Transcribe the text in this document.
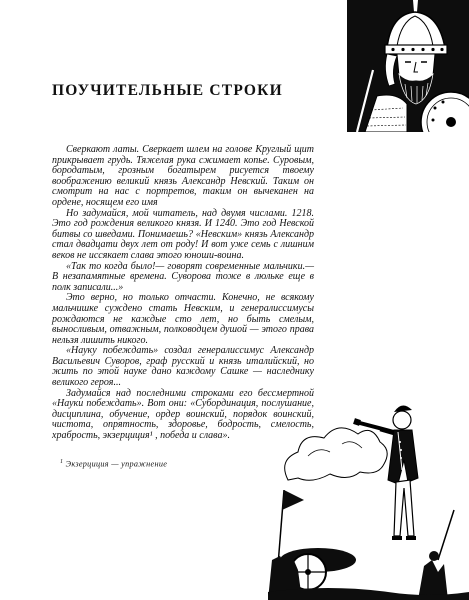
ПОУЧИТЕЛЬНЫЕ СТРОКИ

Сверкают латы. Сверкает шлем на голове Круглый щит прикрывает грудь. Тяжелая рука сжимает копье. Суровым, бородатым, грозным богатырем рисуется твоему воображению великий князь Александр Невский. Таким он смотрит на нас с портретов, таким он вычеканен на ордене, носящем его имя

Но задумайся, мой читатель, над двумя числами. 1218. Это год рождения великого князя. И 1240. Это год Невской битвы со шведами. Понимаешь? «Невским» князь Александр стал двадцати двух лет от роду! И вот уже семь с лишним веков не иссякает слава этого юноши-воина.

«Так то когда было!— говорят современные мальчики.— В незапамятные времена. Суворова тоже в люльке еще в полк записали...»

Это верно, но только отчасти. Конечно, не всякому мальчишке суждено стать Невским, и генералиссимусы рождаются не каждые сто лет, но быть смелым, выносливым, отважным, полководцем душой — этого права нельзя лишить никого.

«Науку побеждать» создал генералиссимус Александр Васильевич Суворов, граф русский и князь италийский, но жить по этой науке дано каждому Сашке — наследнику великого героя...

Задумайся над последними строками его бессмертной «Науки побеждать». Вот они: «Субординация, послушание, дисциплина, обучение, ордер воинский, порядок воинский, чистота, опрятность, здоровье, бодрость, смелость, храбрость, экзерциция¹ , победа и слава».

$^1$ Экзерциция — упражнение
